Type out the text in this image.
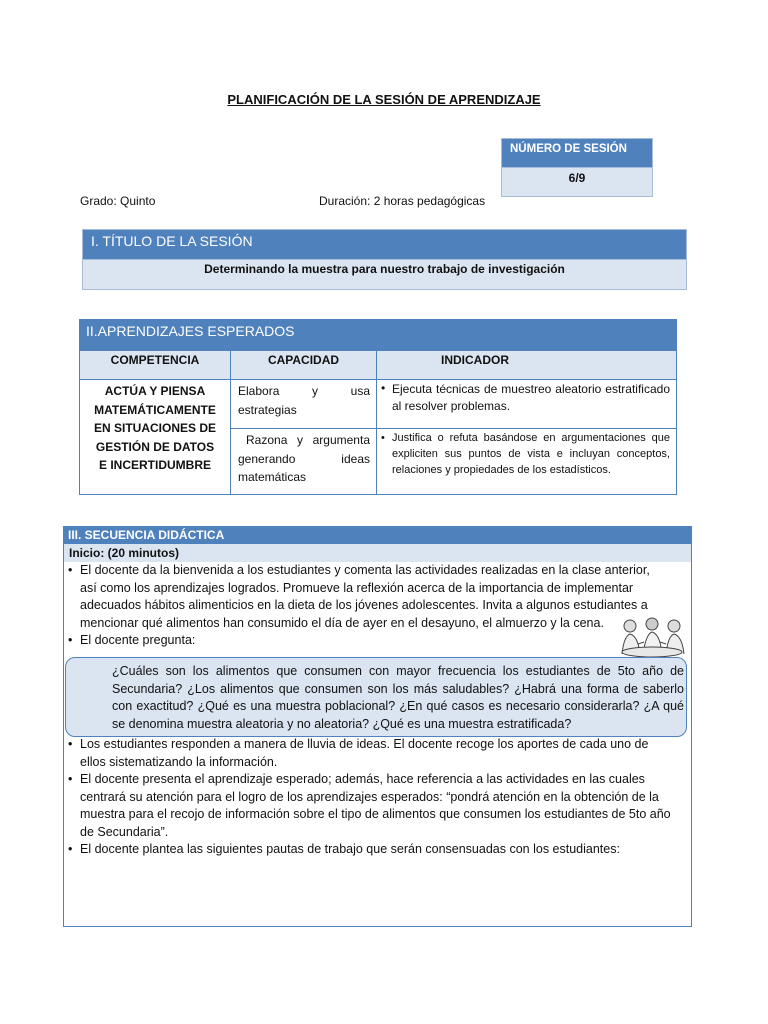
PLANIFICACIÓN DE LA SESIÓN DE APRENDIZAJE
NÚMERO DE SESIÓN
6/9
Grado: Quinto	Duración: 2 horas pedagógicas
I. TÍTULO DE LA SESIÓN
Determinando la muestra para nuestro trabajo de investigación
II.APRENDIZAJES ESPERADOS
COMPETENCIA	CAPACIDAD	INDICADOR
ACTÚA Y PIENSA MATEMÁTICAMENTE EN SITUACIONES DE GESTIÓN DE DATOS E INCERTIDUMBRE	Elabora y usa estrategias	• Ejecuta técnicas de muestreo aleatorio estratificado al resolver problemas.

	Razona y argumenta generando ideas matemáticas	• Justifica o refuta basándose en argumentaciones que expliciten sus puntos de vista e incluyan conceptos, relaciones y propiedades de los estadísticos.
III. SECUENCIA DIDÁCTICA
Inicio: (20 minutos)
• El docente da la bienvenida a los estudiantes y comenta las actividades realizadas en la clase anterior, así como los aprendizajes logrados. Promueve la reflexión acerca de la importancia de implementar adecuados hábitos alimenticios en la dieta de los jóvenes adolescentes. Invita a algunos estudiantes a mencionar qué alimentos han consumido el día de ayer en el desayuno, el almuerzo y la cena.
• El docente pregunta:
¿Cuáles son los alimentos que consumen con mayor frecuencia los estudiantes de 5to año de Secundaria? ¿Los alimentos que consumen son los más saludables? ¿Habrá una forma de saberlo con exactitud? ¿Qué es una muestra poblacional? ¿En qué casos es necesario considerarla? ¿A qué se denomina muestra aleatoria y no aleatoria? ¿Qué es una muestra estratificada?
• Los estudiantes responden a manera de lluvia de ideas. El docente recoge los aportes de cada uno de ellos sistematizando la información.
• El docente presenta el aprendizaje esperado; además, hace referencia a las actividades en las cuales centrará su atención para el logro de los aprendizajes esperados: “pondrá atención en la obtención de la muestra para el recojo de información sobre el tipo de alimentos que consumen los estudiantes de 5to año de Secundaria”.
• El docente plantea las siguientes pautas de trabajo que serán consensuadas con los estudiantes:
